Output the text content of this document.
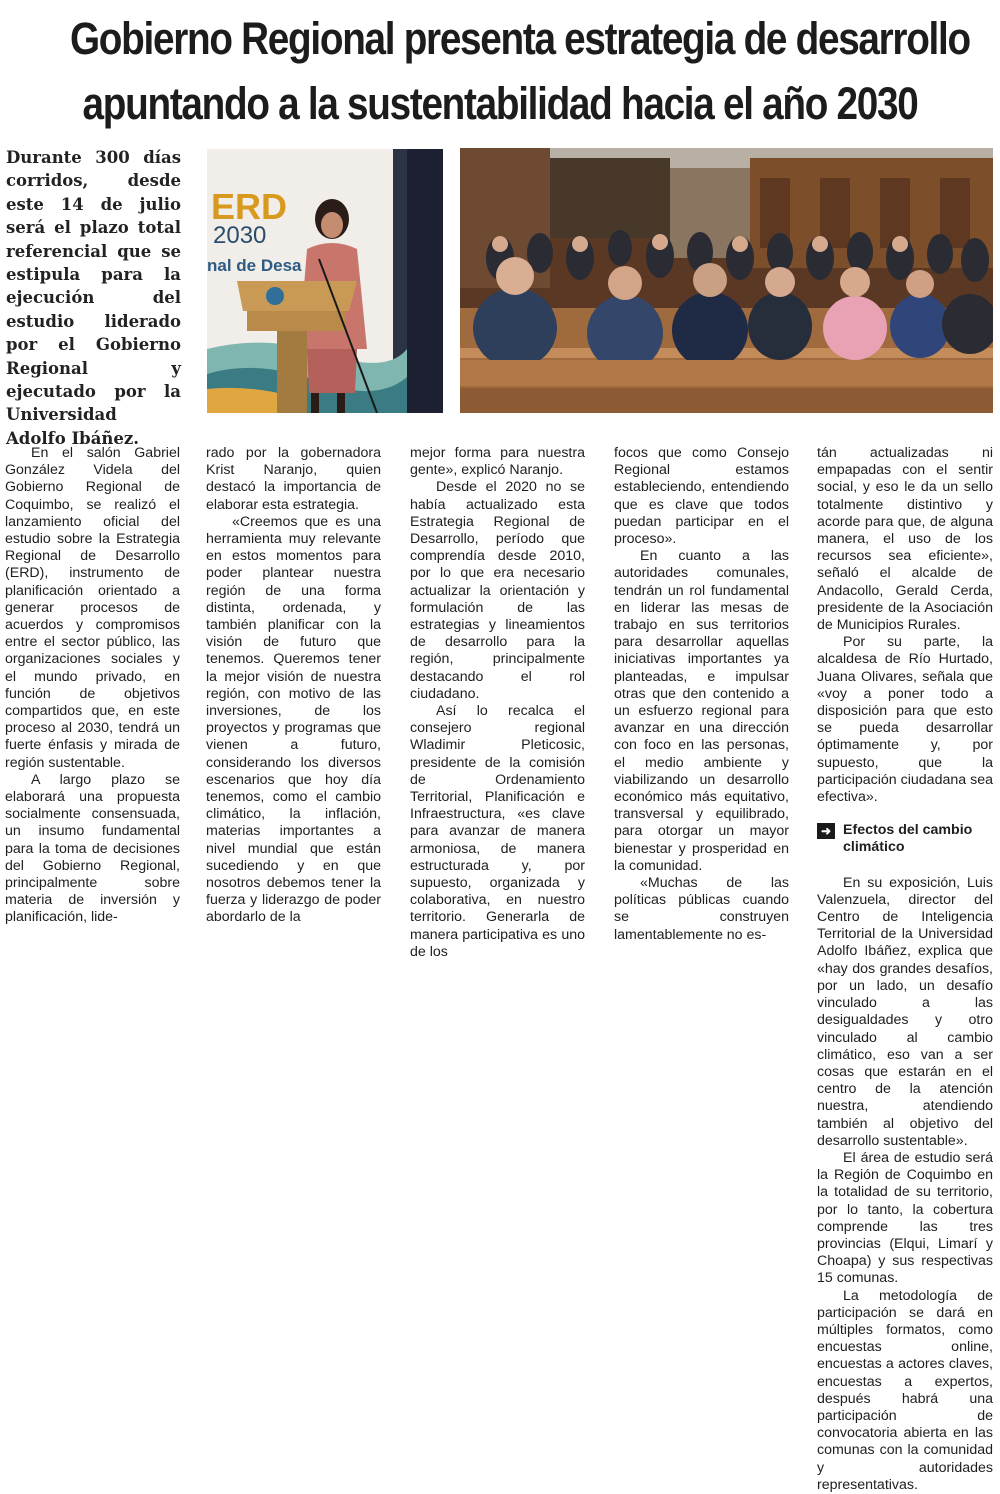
Gobierno Regional presenta estrategia de desarrollo
apuntando a la sustentabilidad hacia el año 2030

Durante 300 días corridos, desde este 14 de julio será el plazo total referencial que se estipula para la ejecución del estudio liderado por el Gobierno Regional y ejecutado por la Universidad Adolfo Ibáñez.

ERD
2030
nal de Desa

En el salón Gabriel González Videla del Gobierno Regional de Coquimbo, se realizó el lanzamiento oficial del estudio sobre la Estrategia Regional de Desarrollo (ERD), instrumento de planificación orientado a generar procesos de acuerdos y compromisos entre el sector público, las organizaciones sociales y el mundo privado, en función de objetivos compartidos que, en este proceso al 2030, tendrá un fuerte énfasis y mirada de región sustentable.

A largo plazo se elaborará una propuesta socialmente consensuada, un insumo fundamental para la toma de decisiones del Gobierno Regional, principalmente sobre materia de inversión y planificación, lide-

rado por la gobernadora Krist Naranjo, quien destacó la importancia de elaborar esta estrategia.

«Creemos que es una herramienta muy relevante en estos momentos para poder plantear nuestra región de una forma distinta, ordenada, y también planificar con la visión de futuro que tenemos. Queremos tener la mejor visión de nuestra región, con motivo de las inversiones, de los proyectos y programas que vienen a futuro, considerando los diversos escenarios que hoy día tenemos, como el cambio climático, la inflación, materias importantes a nivel mundial que están sucediendo y en que nosotros debemos tener la fuerza y liderazgo de poder abordarlo de la

mejor forma para nuestra gente», explicó Naranjo.

Desde el 2020 no se había actualizado esta Estrategia Regional de Desarrollo, período que comprendía desde 2010, por lo que era necesario actualizar la orientación y formulación de las estrategias y lineamientos de desarrollo para la región, principalmente destacando el rol ciudadano.

Así lo recalca el consejero regional Wladimir Pleticosic, presidente de la comisión de Ordenamiento Territorial, Planificación e Infraestructura, «es clave para avanzar de manera armoniosa, de manera estructurada y, por supuesto, organizada y colaborativa, en nuestro territorio. Generarla de manera participativa es uno de los

focos que como Consejo Regional estamos estableciendo, entendiendo que es clave que todos puedan participar en el proceso».

En cuanto a las autoridades comunales, tendrán un rol fundamental en liderar las mesas de trabajo en sus territorios para desarrollar aquellas iniciativas importantes ya planteadas, e impulsar otras que den contenido a un esfuerzo regional para avanzar en una dirección con foco en las personas, el medio ambiente y viabilizando un desarrollo económico más equitativo, transversal y equilibrado, para otorgar un mayor bienestar y prosperidad en la comunidad.

«Muchas de las políticas públicas cuando se construyen lamentablemente no es-

tán actualizadas ni empapadas con el sentir social, y eso le da un sello totalmente distintivo y acorde para que, de alguna manera, el uso de los recursos sea eficiente», señaló el alcalde de Andacollo, Gerald Cerda, presidente de la Asociación de Municipios Rurales.

Por su parte, la alcaldesa de Río Hurtado, Juana Olivares, señala que «voy a poner todo a disposición para que esto se pueda desarrollar óptimamente y, por supuesto, que la participación ciudadana sea efectiva».

➜ Efectos del cambio climático

En su exposición, Luis Valenzuela, director del Centro de Inteligencia Territorial de la Universidad Adolfo Ibáñez, explica que «hay dos grandes desafíos, por un lado, un desafío vinculado a las desigualdades y otro vinculado al cambio climático, eso van a ser cosas que estarán en el centro de la atención nuestra, atendiendo también al objetivo del desarrollo sustentable».

El área de estudio será la Región de Coquimbo en la totalidad de su territorio, por lo tanto, la cobertura comprende las tres provincias (Elqui, Limarí y Choapa) y sus respectivas 15 comunas.

La metodología de participación se dará en múltiples formatos, como encuestas online, encuestas a actores claves, encuestas a expertos, después habrá una participación de convocatoria abierta en las comunas con la comunidad y autoridades representativas.
